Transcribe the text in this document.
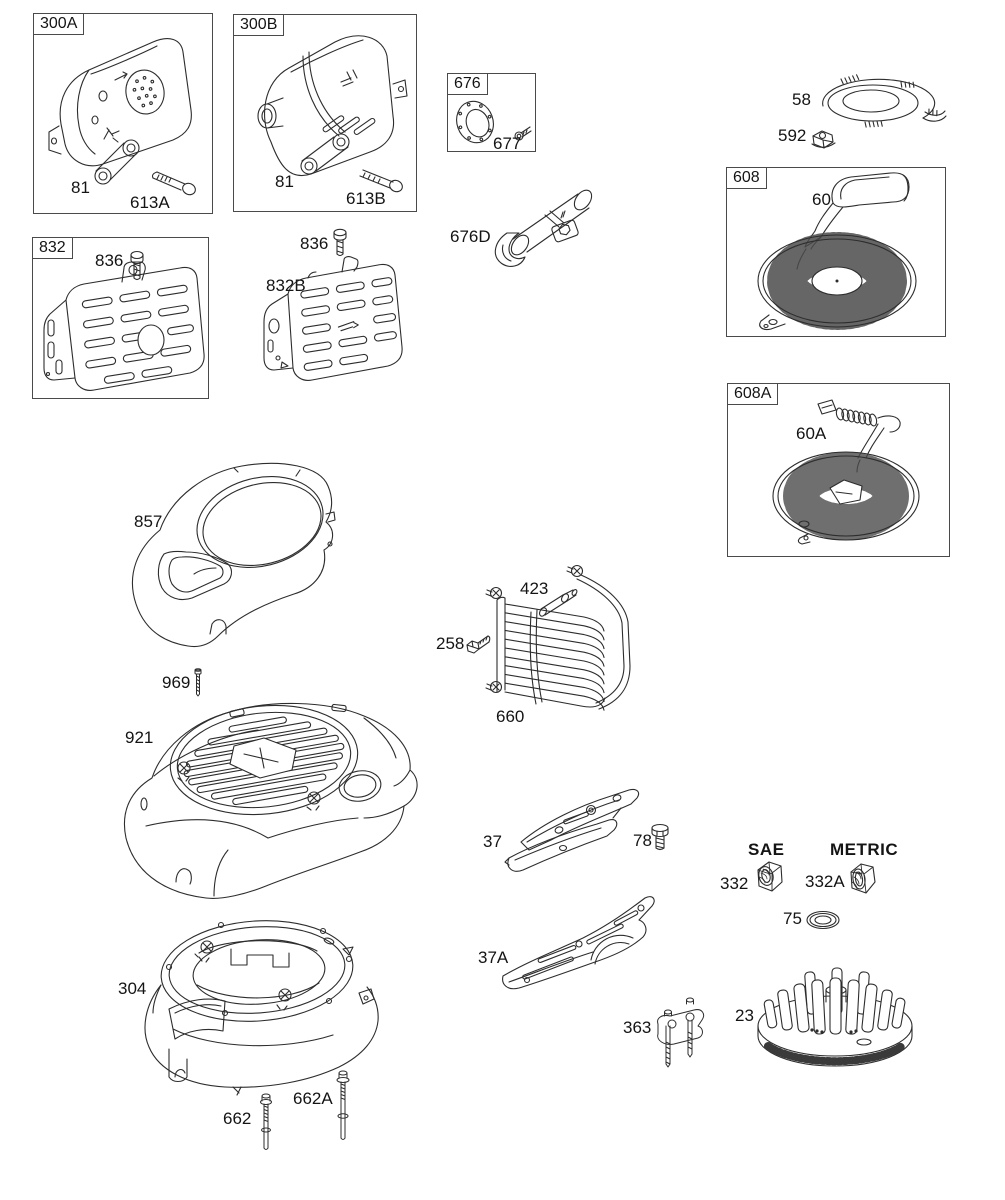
300A	300B
676
608
832
608A
81
613A
81
613B
677
58
592
60
836
836
832B
676D
60A
857
423
258
660
969
921
37	78	SAE	METRIC
332	332A
75
37A
304
363
23
662
662A
